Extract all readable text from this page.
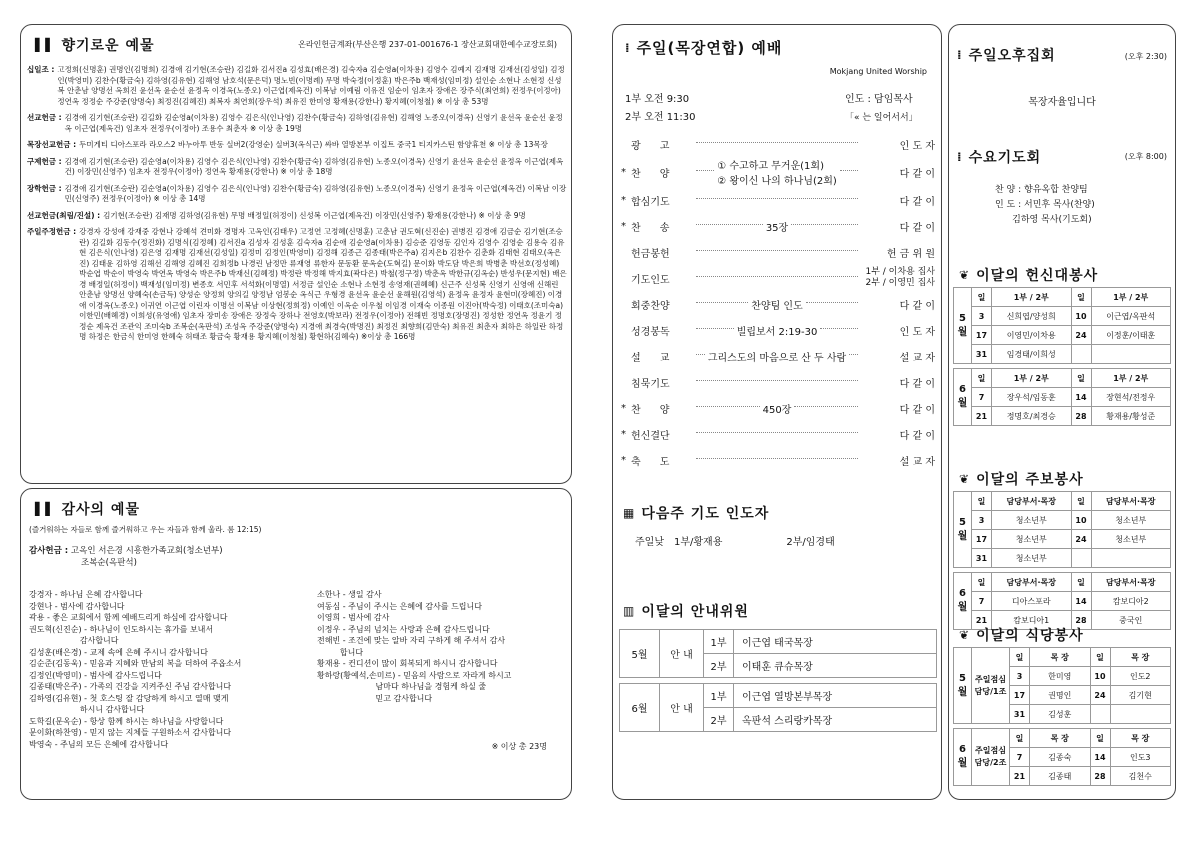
▌▌ 향기로운 예물	온라인헌금계좌(부산은행 237-01-001676-1 장산교회대한예수교장로회)
십일조 : 고정희(신명훈) 권명인(김명희) 김경애 김기현(조승란) 김길화 김서진a 김성효(배은경) 김숙자a 김순영a(이차용) 김영수 김예지 김재명 김재선(김성일) 김정인(박영미) 김찬수(황금숙) 김하영(김유현) 김해영 남호석(문은덕) 명노빈(이명례) 무명 박숙정(이정훈) 박은주b 백재성(임미정) 설인순 소현나 소현정 신성복 안춘남 양명선 옥희진 윤선옥 윤순선 윤정옥 이경옥(노종오) 이근엽(제옥건) 이복남 이예림 이유진 임순이 임초자 장애은 장주식(최연희) 전정우(이정아) 정연옥 정정순 주강준(양명숙) 최정진(김혜진) 최복자 최연희(장우석) 최유진 한미영 황재용(강한나) 황지혜(이청철) ※ 이상 총 53명
선교헌금 : 김경애 김기현(조승란) 김길화 김순영a(이차용) 김영수 김은식(인나영) 김찬수(황금숙) 김하영(김유현) 김해영 노종오(이경옥) 신영기 윤선옥 윤순선 윤정옥 이근엽(제옥건) 임초자 전정우(이정아) 조용수 최춘자 ※ 이상 총 19명
목장선교헌금 : 두미게티 디아스포라 라오스2 바누아투 반동 실버2(강영순) 실버3(옥식근) 싸바 열방본부 이집트 중국1 티지카스틴 함양휴천 ※ 이상 총 13목장
구제헌금 : 김경애 김기현(조승란) 김순영a(이차용) 김영수 김은식(인나영) 김찬수(황금숙) 김하영(김유현) 노종오(이경옥) 신영기 윤선옥 윤순선 윤정옥 이근엽(제옥건) 이장민(신영주) 임초자 전정우(이정아) 정연옥 황재용(강한나) ※ 이상 총 18명
장학헌금 : 김경애 김기현(조승란) 김순영a(이차용) 김영수 김은식(인나영) 김찬수(황금숙) 김하영(김유현) 노종오(이경옥) 신영기 윤정옥 이근엽(제옥건) 이복남 이장민(신영주) 전정우(이정아) ※ 이상 총 14명
선교헌금(최림/진설) : 김기현(조승란) 김재명 김하영(김유현) 무명 배정일(허정이) 신성복 이근엽(제옥건) 이장민(신영주) 황재용(강한나) ※ 이상 총 9명
주일주정헌금 : 강경자 강성애 강재중 강현나 강혜석 견미화 경명자 고옥인(김태우) 고정연 고정혜(신명훈) 고춘남 권도혁(신진순) 권병진 김경애 김금순 김기현(조승란) 김길화 김동수(정진화) 김명식(김정혜) 김서진a 김성자 김성훈 김숙자a 김순애 김순영a(이차용) 김승준 김영동 김인자 김영수 김영순 김용숙 김유현 김은식(인나영) 김은영 김재명 김재선(김성일) 김정미 김정인(박영미) 김정해 김종근 김종태(박은주a) 김지은b 김찬수 김춘화 김태현 김태오(옥은진) 김태윤 김하영 김해선 김해영 김혜진 김희정b 나경린 남정만 류재영 류한자 문동환 문옥순(도혁길) 문이화 박도담 박은희 박병춘 박선호(정성혜) 박순엽 박순이 박영숙 박연옥 박영숙 박은주b 박재신(김혜정) 박정란 박정해 박지효(곽다은) 박철(정구정) 박춘옥 박한규(김옥순) 반성우(문지현) 배은경 배정일(허정이) 백재성(임미정) 변종호 서민후 서석화(이명열) 서정금 설인순 소현나 소현정 송영재(권혜혜) 신근주 신성복 신영기 신영애 신해린 안춘남 양명선 양혜숙(손금득) 양성순 양정희 양의길 양정남 엄봉순 옥식근 우형경 윤선옥 윤순선 윤해원(김영석) 윤정옥 윤정자 윤현미(장혜진) 이경애 이경옥(노종오) 이귀연 이근엽 이린자 이명선 이복남 이상현(정희정) 이예인 이옥순 이우철 이임경 이재숙 이종원 이진아(박숙정) 이태호(조미숙a) 이한민(배혜경) 이희성(유영애) 임초자 장미송 장애은 장정숙 장하나 전영호(박보라) 전정우(이정아) 전해빈 정명호(장명진) 정성한 정연옥 정윤기 정정순 제옥건 조관익 조미숙b 조복순(옥판석) 조성옥 주강준(양명숙) 지경애 최경숙(박명진) 최정진 최향희(김만숙) 최유진 최춘자 최하은 하일란 하정명 하정은 한금식 한미영 한혜숙 허태조 황금숙 황재용 황지혜(이청철) 황현하(김혜숙) ※이상 총 166명
▌▌ 감사의 예물
(즐거워하는 자들로 함께 즐거워하고 우는 자들과 함께 울라. 롬 12:15)
감사헌금 : 고옥인 서은경 시흥한가족교회(청소년부)
조복순(옥판석)
강경자 - 하나님 은혜 감사합니다
강현나 - 범사에 감사합니다
곽용 - 좋은 교회에서 함께 예배드리게 하심에 감사합니다
권도혁(신진순) - 하나님이 인도하시는 휴가를 보내서
감사합니다
김성훈(배은경) - 교제 속에 은혜 주시니 감사합니다
김순준(김동욱) - 믿음과 지혜와 만남의 복을 더하여 주옵소서
김정인(박영미) - 범사에 감사드립니다
김종태(박은주) - 가족의 건강을 지켜주신 주님 감사합니다
김하영(김유현) - 첫 호스팅 잘 감당하게 하시고 열매 맺게
하시니 감사합니다
도학길(문옥순) - 항상 함께 하시는 하나님을 사랑합니다
문이화(하찬영) - 믿지 않는 지체들 구원하소서 감사합니다
박영숙 - 주님의 모든 은혜에 감사합니다
소한나 - 생일 감사
여동심 - 주님이 주시는 은혜에 감사를 드립니다
이영희 - 범사에 감사
이정우 - 주님의 넘치는 사랑과 은혜 감사드립니다
전해빈 - 조건에 맞는 알바 자리 구하게 해 주셔서 감사
합니다
황재용 - 컨디션이 많이 회복되게 하시니 감사합니다
황하랑(황예석,손미르) - 믿음의 사람으로 자라게 하시고
남마다 하나님을 경험케 하실 줄
믿고 감사합니다
※ 이상 총 23명
⁞ 주일(목장연합) 예배
Mokjang United Worship
1부 오전 9:30
2부 오전 11:30
인도 : 담임목사
「« 는 일어서서」
	광      고		인 도 자
*	찬      양	① 수고하고 무거운(1회)
② 왕이신 나의 하나님(2회)	다 같 이
*	합심기도		다 같 이
*	찬      송	35장	다 같 이
	헌금봉헌		헌 금 위 원
	기도인도		1부 / 이차용 집사
2부 / 이영민 집사
	회중찬양	찬양팀 인도	다 같 이
	성경봉독	빌립보서 2:19-30	인 도 자
	설      교	그리스도의 마음으로 산 두 사람	설 교 자
	침묵기도		다 같 이
*	찬      양	450장	다 같 이
*	헌신결단		다 같 이
*	축      도		설 교 자
▦ 다음주 기도 인도자
주일낮 1부/황재용	2부/임경태
▥ 이달의 안내위원
5월	안 내	1부	이근엽 태국목장
		2부	이태훈 큐슈목장

6월	안 내	1부	이근엽 열방본부목장
		2부	옥판석 스리랑카목장
⁞ 주일오후집회	(오후 2:30)
목장자율입니다
⁞ 수요기도회	(오후 8:00)
찬 양 : 향유옥합 찬양팀
인 도 : 서민후 목사(찬양)
김하영 목사(기도회)
❦ 이달의 헌신대봉사
5
월	일	1부 / 2부	일	1부 / 2부
	3	신희엽/양성희	10	이근엽/옥판석
	17	이영민/이차용	24	이정훈/이태훈
	31	임경태/이희성		
6
월	일	1부 / 2부	일	1부 / 2부
	7	장우석/임동훈	14	장현석/전정우
	21	정명호/최경승	28	황재용/황성준
❦ 이달의 주보봉사
5
월	일	담당부서·목장	일	담당부서·목장
	3	청소년부	10	청소년부
	17	청소년부	24	청소년부
	31	청소년부		
6
월	일	담당부서·목장	일	담당부서·목장
	7	디아스포라	14	캄보디아2
	21	캄보디아1	28	중국인
❦ 이달의 식당봉사
5
월	주일점심
담당/1조	일	목 장	일	목 장
		3	한미영	10	인도2
		17	권명인	24	김기현
		31	김성훈		
6
월	주일점심
담당/2조	일	목 장	일	목 장
		7	김종숙	14	인도3
		21	김종태	28	김천수
